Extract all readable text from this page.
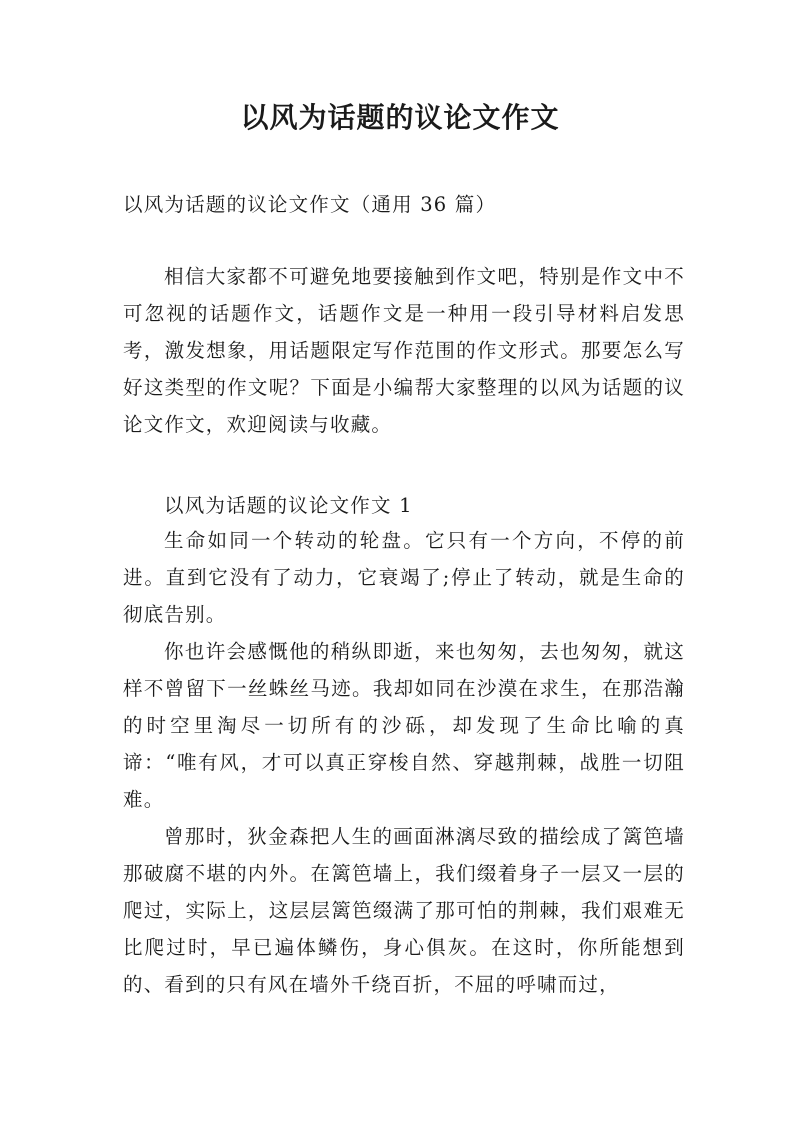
以风为话题的议论文作文
以风为话题的议论文作文（通用 36 篇）

相信大家都不可避免地要接触到作文吧，特别是作文中不可忽视的话题作文，话题作文是一种用一段引导材料启发思考，激发想象，用话题限定写作范围的作文形式。那要怎么写好这类型的作文呢？下面是小编帮大家整理的以风为话题的议论文作文，欢迎阅读与收藏。

以风为话题的议论文作文 1

生命如同一个转动的轮盘。它只有一个方向，不停的前进。直到它没有了动力，它衰竭了;停止了转动，就是生命的彻底告别。

你也许会感慨他的稍纵即逝，来也匆匆，去也匆匆，就这样不曾留下一丝蛛丝马迹。我却如同在沙漠在求生，在那浩瀚的时空里淘尽一切所有的沙砾，却发现了生命比喻的真谛：“唯有风，才可以真正穿梭自然、穿越荆棘，战胜一切阻难。

曾那时，狄金森把人生的画面淋漓尽致的描绘成了篱笆墙那破腐不堪的内外。在篱笆墙上，我们缀着身子一层又一层的爬过，实际上，这层层篱笆缀满了那可怕的荆棘，我们艰难无比爬过时，早已遍体鳞伤，身心俱灰。在这时，你所能想到的、看到的只有风在墙外千绕百折，不屈的呼啸而过，
